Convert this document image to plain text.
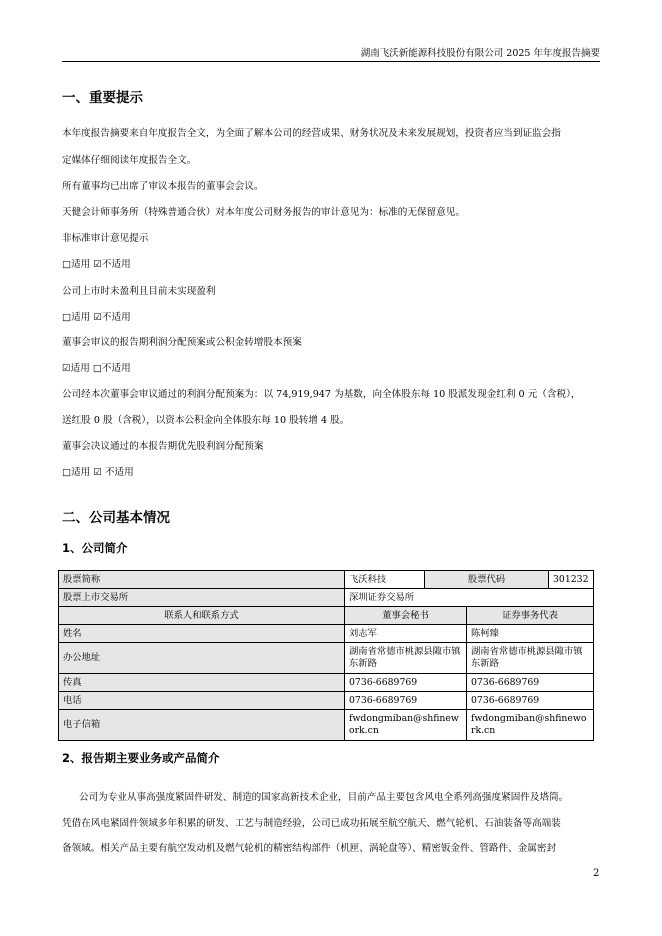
湖南飞沃新能源科技股份有限公司 2025 年年度报告摘要
一、重要提示
本年度报告摘要来自年度报告全文，为全面了解本公司的经营成果、财务状况及未来发展规划，投资者应当到证监会指
定媒体仔细阅读年度报告全文。
所有董事均已出席了审议本报告的董事会会议。
天健会计师事务所（特殊普通合伙）对本年度公司财务报告的审计意见为：标准的无保留意见。
非标准审计意见提示
□适用 ☑不适用
公司上市时未盈利且目前未实现盈利
□适用 ☑不适用
董事会审议的报告期利润分配预案或公积金转增股本预案
☑适用 □不适用
公司经本次董事会审议通过的利润分配预案为：以 74,919,947 为基数，向全体股东每 10 股派发现金红利 0 元（含税），
送红股 0 股（含税），以资本公积金向全体股东每 10 股转增 4 股。
董事会决议通过的本报告期优先股利润分配预案
□适用 ☑ 不适用
二、公司基本情况
1、公司简介
股票简称	飞沃科技	股票代码		301232
股票上市交易所	深圳证券交易所			
联系人和联系方式	董事会秘书		证券事务代表	
姓名	刘志军		陈柯臻	
办公地址	湖南省常德市桃源县陬市镇东新路		湖南省常德市桃源县陬市镇东新路	
传真	0736-6689769		0736-6689769	
电话	0736-6689769		0736-6689769	
电子信箱	fwdongmiban@shfinework.cn		fwdongmiban@shfinework.cn	
2、报告期主要业务或产品简介
公司为专业从事高强度紧固件研发、制造的国家高新技术企业，目前产品主要包含风电全系列高强度紧固件及塔筒。
凭借在风电紧固件领域多年积累的研发、工艺与制造经验，公司已成功拓展至航空航天、燃气轮机、石油装备等高端装
备领域。相关产品主要有航空发动机及燃气轮机的精密结构部件（机匣、涡轮盘等）、精密钣金件、管路件、金属密封
2
